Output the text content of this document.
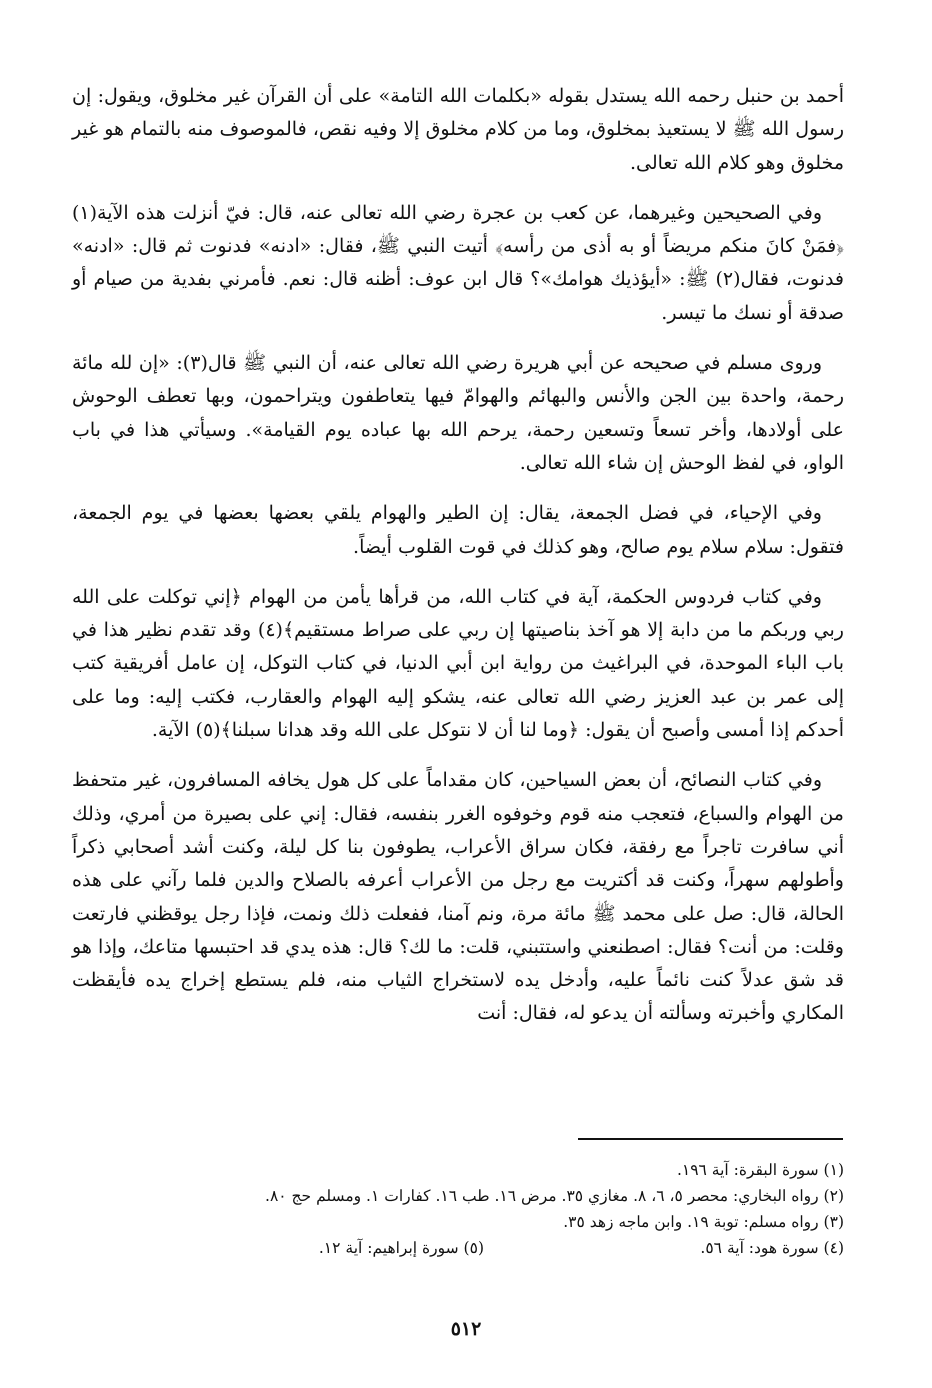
أحمد بن حنبل رحمه الله يستدل بقوله «بكلمات الله التامة» على أن القرآن غير مخلوق، ويقول: إن رسول الله ﷺ لا يستعيذ بمخلوق، وما من كلام مخلوق إلا وفيه نقص، فالموصوف منه بالتمام هو غير مخلوق وهو كلام الله تعالى.

وفي الصحيحين وغيرهما، عن كعب بن عجرة رضي الله تعالى عنه، قال: فيّ أنزلت هذه الآية(١) ﴿فمَنْ كانَ منكم مريضاً أو به أذى من رأسه﴾ أتيت النبي ﷺ، فقال: «ادنه» فدنوت ثم قال: «ادنه» فدنوت، فقال(٢) ﷺ: «أيؤذيك هوامك»؟ قال ابن عوف: أظنه قال: نعم. فأمرني بفدية من صيام أو صدقة أو نسك ما تيسر.

وروى مسلم في صحيحه عن أبي هريرة رضي الله تعالى عنه، أن النبي ﷺ قال(٣): «إن لله مائة رحمة، واحدة بين الجن والأنس والبهائم والهوامّ فيها يتعاطفون ويتراحمون، وبها تعطف الوحوش على أولادها، وأخر تسعاً وتسعين رحمة، يرحم الله بها عباده يوم القيامة». وسيأتي هذا في باب الواو، في لفظ الوحش إن شاء الله تعالى.

وفي الإحياء، في فضل الجمعة، يقال: إن الطير والهوام يلقي بعضها بعضها في يوم الجمعة، فتقول: سلام سلام يوم صالح، وهو كذلك في قوت القلوب أيضاً.

وفي كتاب فردوس الحكمة، آية في كتاب الله، من قرأها يأمن من الهوام ﴿إني توكلت على الله ربي وربكم ما من دابة إلا هو آخذ بناصيتها إن ربي على صراط مستقيم﴾(٤) وقد تقدم نظير هذا في باب الباء الموحدة، في البراغيث من رواية ابن أبي الدنيا، في كتاب التوكل، إن عامل أفريقية كتب إلى عمر بن عبد العزيز رضي الله تعالى عنه، يشكو إليه الهوام والعقارب، فكتب إليه: وما على أحدكم إذا أمسى وأصبح أن يقول: ﴿وما لنا أن لا نتوكل على الله وقد هدانا سبلنا﴾(٥) الآية.

وفي كتاب النصائح، أن بعض السياحين، كان مقداماً على كل هول يخافه المسافرون، غير متحفظ من الهوام والسباع، فتعجب منه قوم وخوفوه الغرر بنفسه، فقال: إني على بصيرة من أمري، وذلك أني سافرت تاجراً مع رفقة، فكان سراق الأعراب، يطوفون بنا كل ليلة، وكنت أشد أصحابي ذكراً وأطولهم سهراً، وكنت قد أكتريت مع رجل من الأعراب أعرفه بالصلاح والدين فلما رآني على هذه الحالة، قال: صل على محمد ﷺ مائة مرة، ونم آمنا، ففعلت ذلك ونمت، فإذا رجل يوقظني فارتعت وقلت: من أنت؟ فقال: اصطنعني واستتبني، قلت: ما لك؟ قال: هذه يدي قد احتبسها متاعك، وإذا هو قد شق عدلاً كنت نائماً عليه، وأدخل يده لاستخراج الثياب منه، فلم يستطع إخراج يده فأيقظت المكاري وأخبرته وسألته أن يدعو له، فقال: أنت

(١) سورة البقرة: آية ١٩٦.
(٢) رواه البخاري: محصر ٥، ٦، ٨. مغازي ٣٥. مرض ١٦. طب ١٦. كفارات ١. ومسلم حج ٨٠.
(٣) رواه مسلم: توبة ١٩. وابن ماجه زهد ٣٥.
(٤) سورة هود: آية ٥٦.
(٥) سورة إبراهيم: آية ١٢.
٥١٢
